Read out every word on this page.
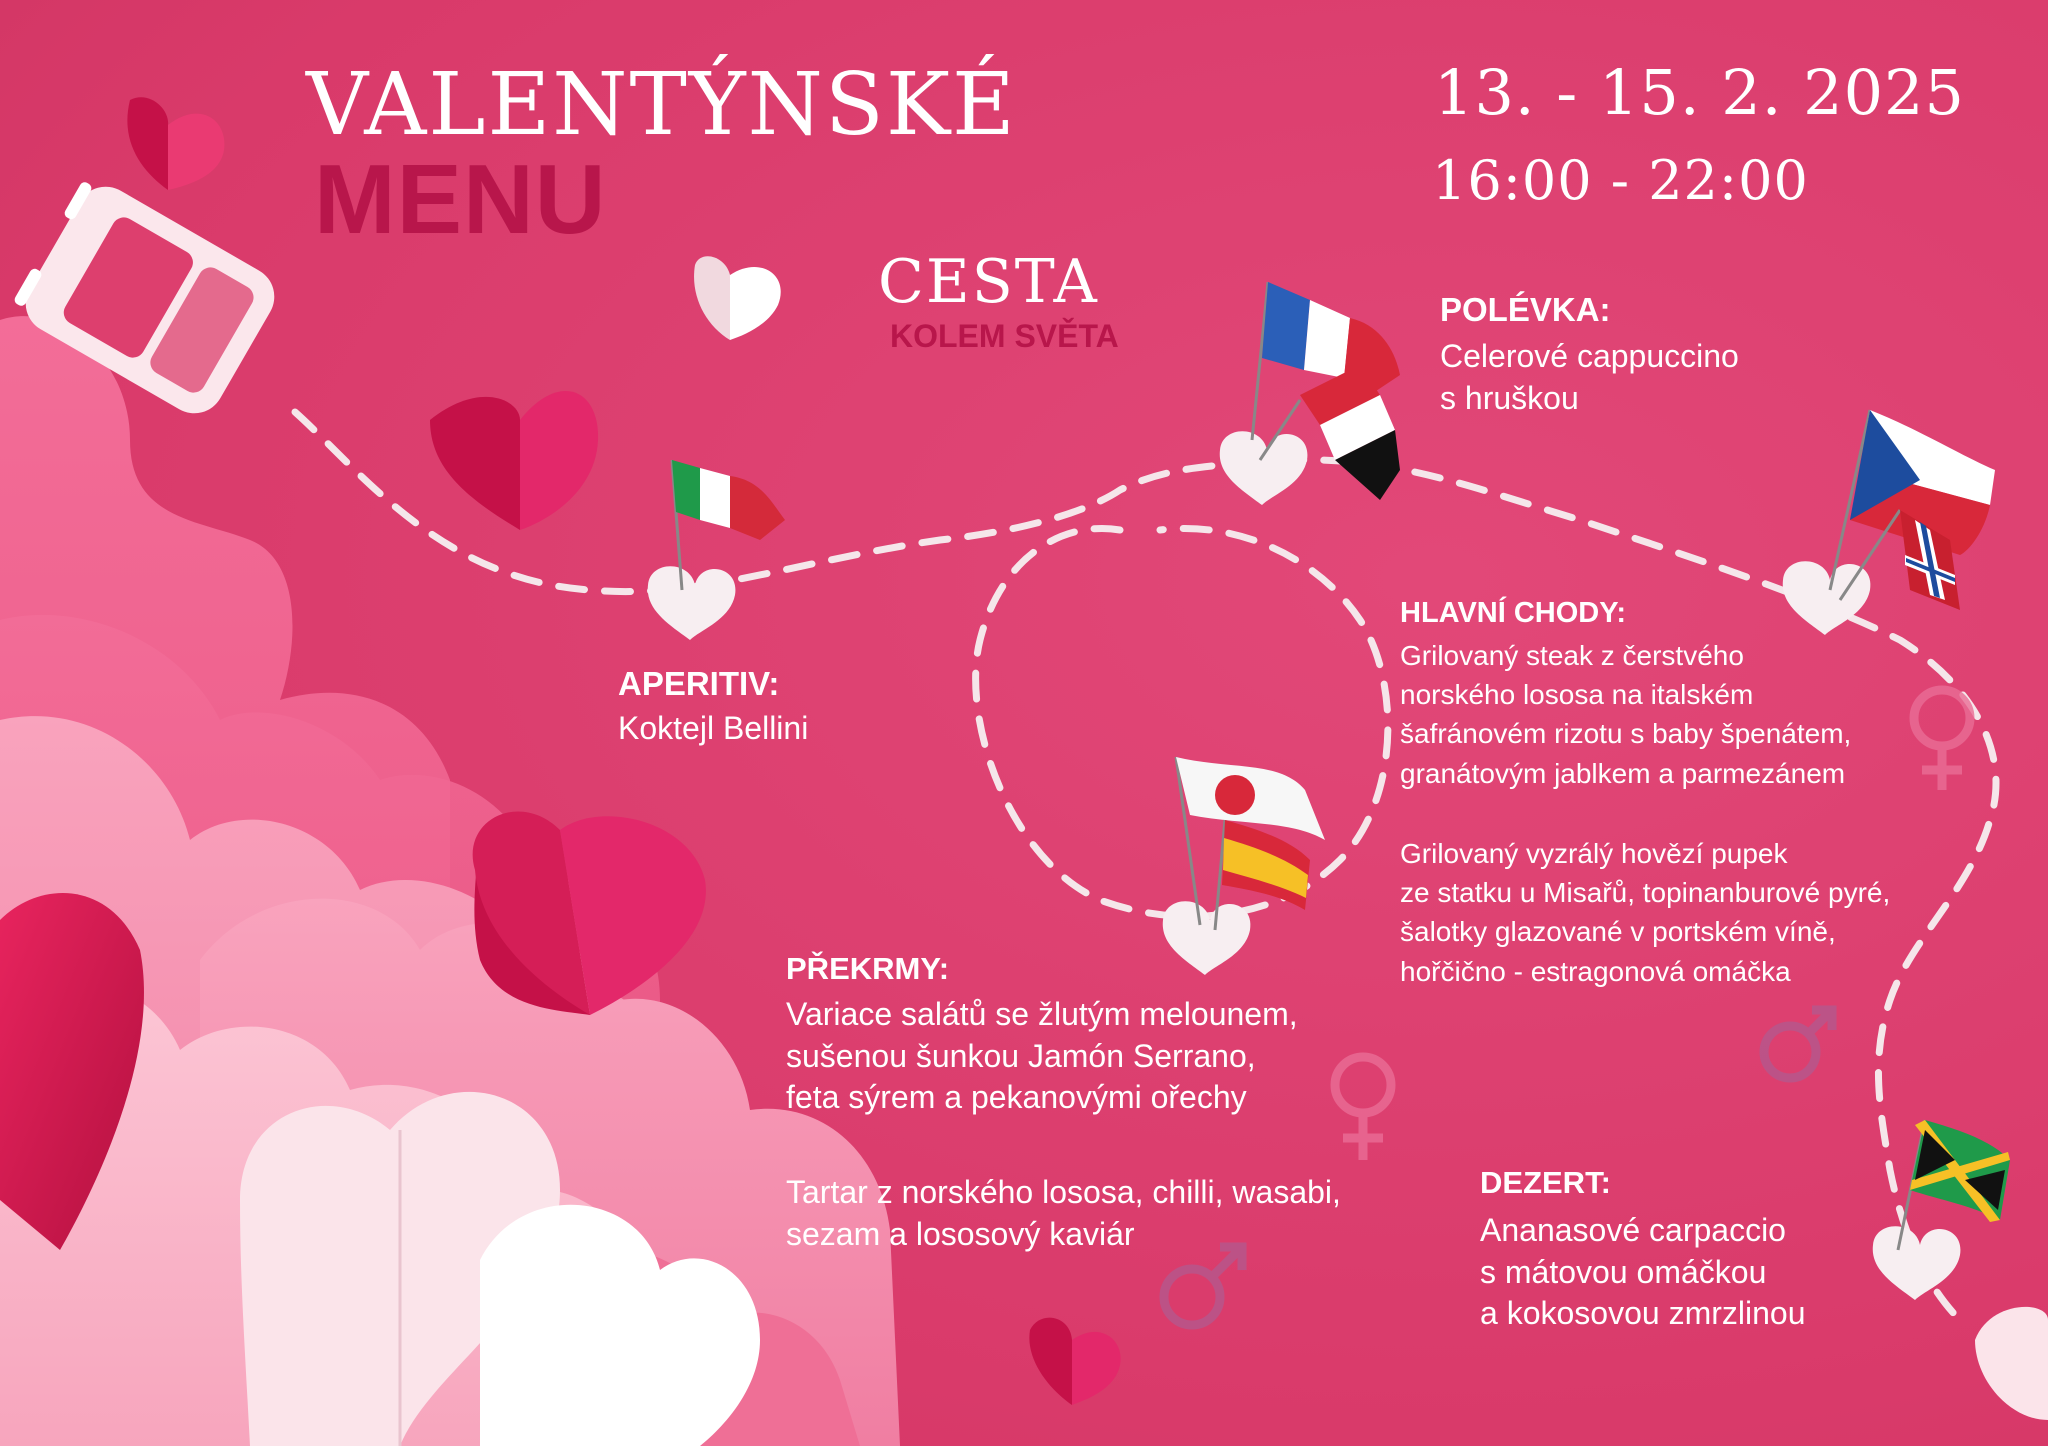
VALENTÝNSKÉ
MENU
13. - 15. 2. 2025
16:00 - 22:00
CESTA
KOLEM SVĚTA
POLÉVKA:
Celerové cappuccino
s hruškou
APERITIV:
Koktejl Bellini
HLAVNÍ CHODY:
Grilovaný steak z čerstvého
norského lososa na italském
šafránovém rizotu s baby špenátem,
granátovým jablkem a parmezánem
Grilovaný vyzrálý hovězí pupek
ze statku u Misařů, topinanburové pyré,
šalotky glazované v portském víně,
hořčično - estragonová omáčka
PŘEKRMY:
Variace salátů se žlutým melounem,
sušenou šunkou Jamón Serrano,
feta sýrem a pekanovými ořechy
Tartar z norského lososa, chilli, wasabi,
sezam a lososový kaviár
DEZERT:
Ananasové carpaccio
s mátovou omáčkou
a kokosovou zmrzlinou
